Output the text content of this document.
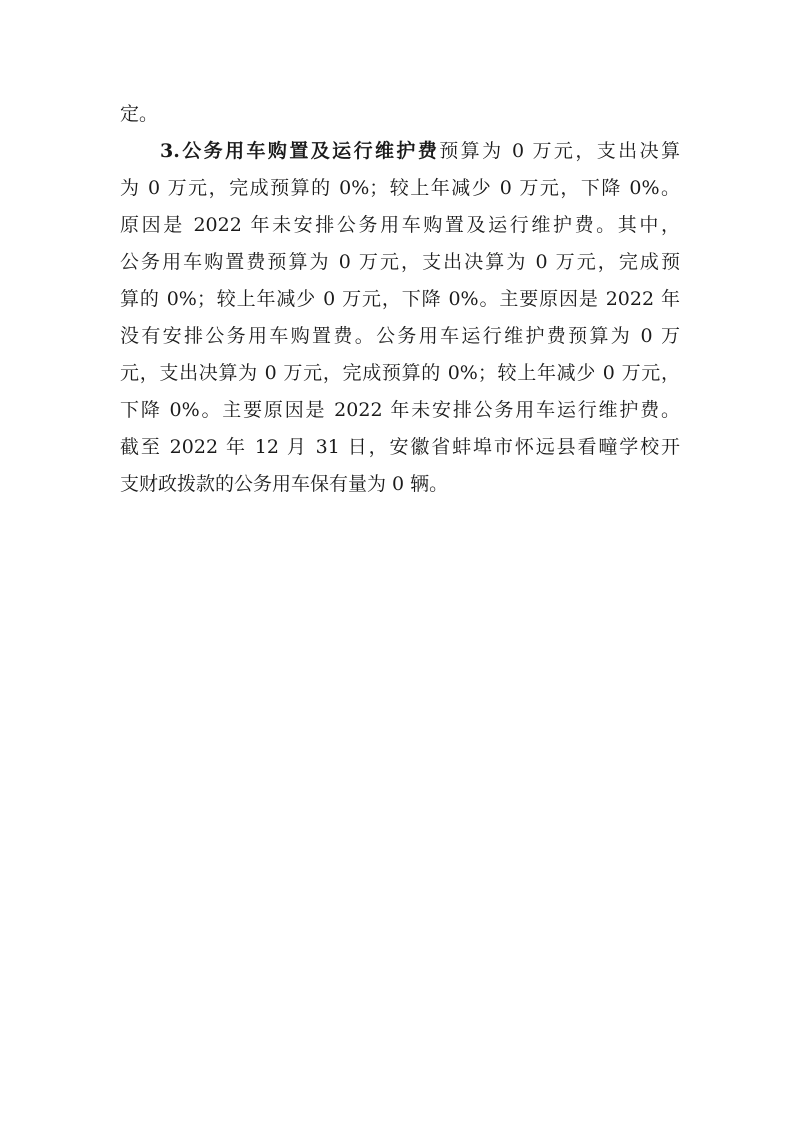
定。
3.公务用车购置及运行维护费预算为 0 万元，支出决算
为 0 万元，完成预算的 0%；较上年减少 0 万元，下降 0%。
原因是 2022 年未安排公务用车购置及运行维护费。其中，
公务用车购置费预算为 0 万元，支出决算为 0 万元，完成预
算的 0%；较上年减少 0 万元，下降 0%。主要原因是 2022 年
没有安排公务用车购置费。公务用车运行维护费预算为 0 万
元，支出决算为 0 万元，完成预算的 0%；较上年减少 0 万元，
下降 0%。主要原因是 2022 年未安排公务用车运行维护费。
截至 2022 年 12 月 31 日，安徽省蚌埠市怀远县看疃学校开
支财政拨款的公务用车保有量为 0 辆。
